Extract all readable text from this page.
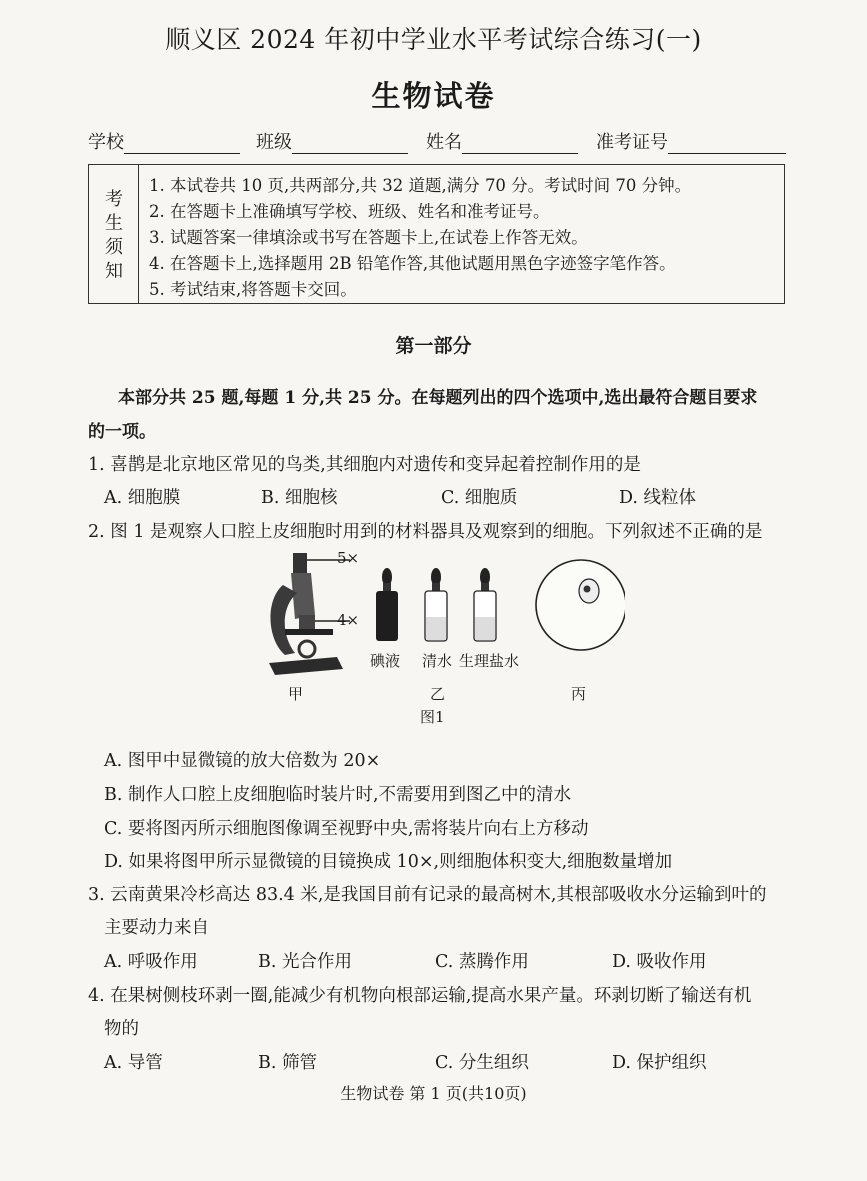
顺义区 2024 年初中学业水平考试综合练习(一)
生物试卷
学校	班级	姓名	准考证号
考
生
须
知
1. 本试卷共 10 页,共两部分,共 32 道题,满分 70 分。考试时间 70 分钟。
2. 在答题卡上准确填写学校、班级、姓名和准考证号。
3. 试题答案一律填涂或书写在答题卡上,在试卷上作答无效。
4. 在答题卡上,选择题用 2B 铅笔作答,其他试题用黑色字迹签字笔作答。
5. 考试结束,将答题卡交回。
第一部分
本部分共 25 题,每题 1 分,共 25 分。在每题列出的四个选项中,选出最符合题目要求
的一项。
1. 喜鹊是北京地区常见的鸟类,其细胞内对遗传和变异起着控制作用的是
A. 细胞膜	B. 细胞核	C. 细胞质	D. 线粒体
2. 图 1 是观察人口腔上皮细胞时用到的材料器具及观察到的细胞。下列叙述不正确的是
5×
4×
碘液 清水 生理盐水
甲	乙	丙
图1
A. 图甲中显微镜的放大倍数为 20×
B. 制作人口腔上皮细胞临时装片时,不需要用到图乙中的清水
C. 要将图丙所示细胞图像调至视野中央,需将装片向右上方移动
D. 如果将图甲所示显微镜的目镜换成 10×,则细胞体积变大,细胞数量增加
3. 云南黄果冷杉高达 83.4 米,是我国目前有记录的最高树木,其根部吸收水分运输到叶的
主要动力来自
A. 呼吸作用	B. 光合作用	C. 蒸腾作用	D. 吸收作用
4. 在果树侧枝环剥一圈,能减少有机物向根部运输,提高水果产量。环剥切断了输送有机
物的
A. 导管	B. 筛管	C. 分生组织	D. 保护组织
生物试卷 第 1 页(共10页)
